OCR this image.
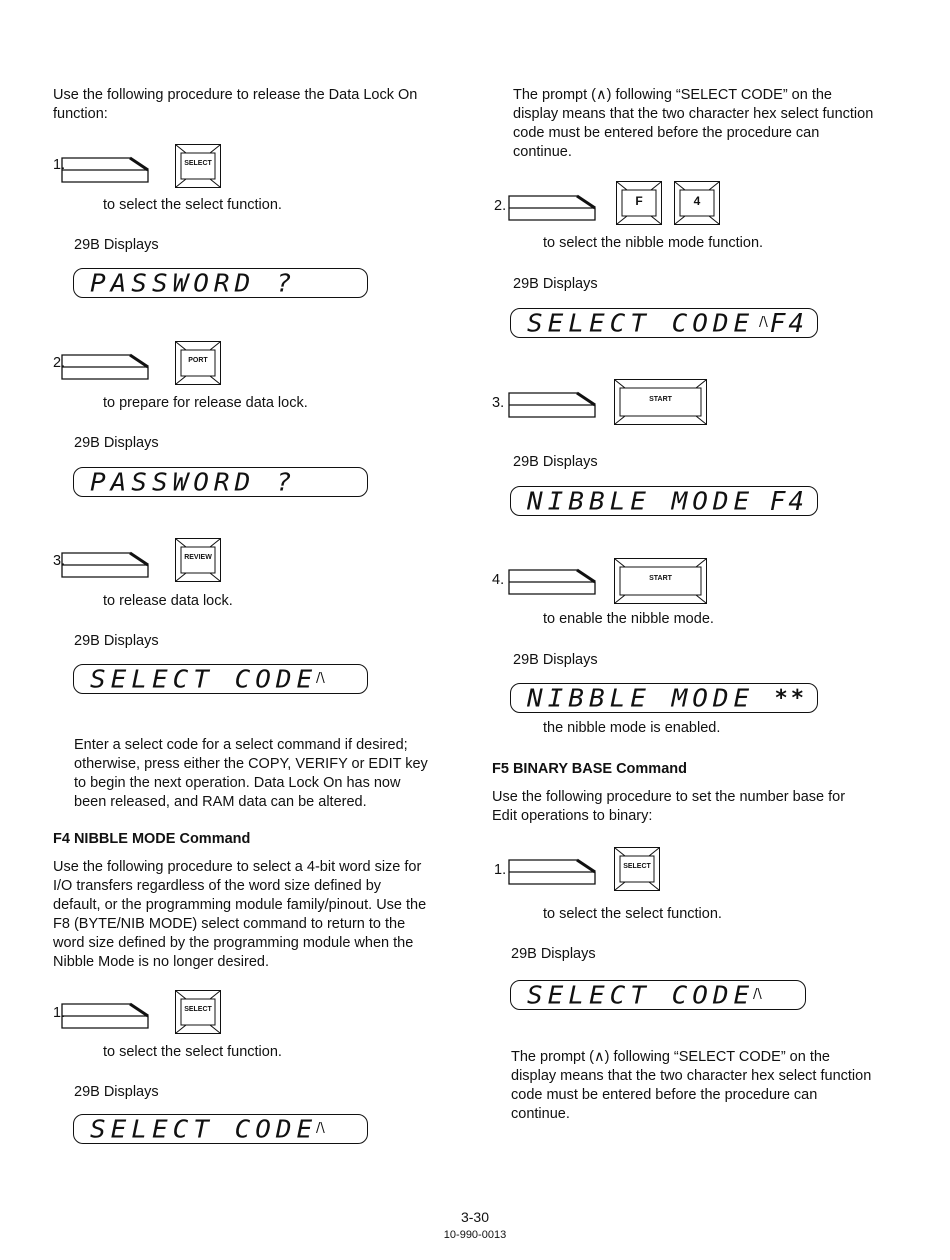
Use the following procedure to release the Data Lock On
function:
1.	SELECT
to select the select function.
29B Displays
PASSWORD ?
2.	PORT
to prepare for release data lock.
29B Displays
PASSWORD ?
3.	REVIEW
to release data lock.
29B Displays
SELECT CODE
/\
Enter a select code for a select command if desired;
otherwise, press either the COPY, VERIFY or EDIT key
to begin the next operation. Data Lock On has now
been released, and RAM data can be altered.
F4 NIBBLE MODE Command
Use the following procedure to select a 4-bit word size for
I/O transfers regardless of the word size defined by
default, or the programming module family/pinout. Use the
F8 (BYTE/NIB MODE) select command to return to the
word size defined by the programming module when the
Nibble Mode is no longer desired.
1.	SELECT
to select the select function.
29B Displays
SELECT CODE
/\
The prompt (∧) following “SELECT CODE” on the
display means that the two character hex select function
code must be entered before the procedure can
continue.
2.	F	4
to select the nibble mode function.
29B Displays
SELECT CODE /\ F4
3.	START
29B Displays
NIBBLE MODE F4
4.	START
to enable the nibble mode.
29B Displays
NIBBLE MODE **
the nibble mode is enabled.
F5 BINARY BASE Command
Use the following procedure to set the number base for
Edit operations to binary:
1.	SELECT
to select the select function.
29B Displays
SELECT CODE
/\
The prompt (∧) following “SELECT CODE” on the
display means that the two character hex select function
code must be entered before the procedure can
continue.
3-30
10-990-0013
